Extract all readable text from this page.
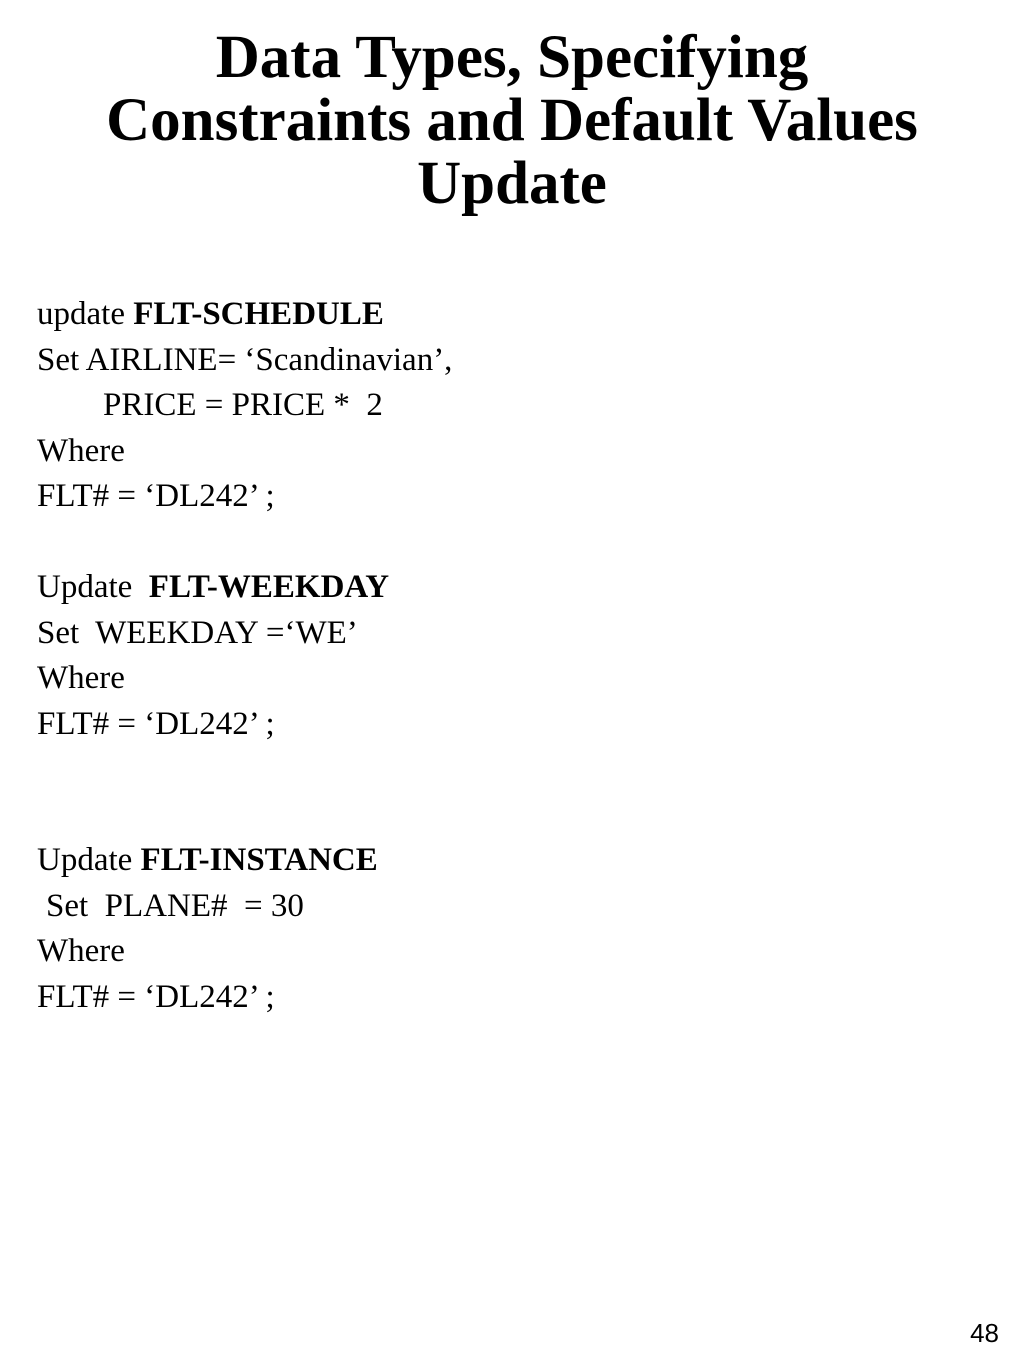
Data Types, Specifying
Constraints and Default Values
Update
update FLT-SCHEDULE
Set AIRLINE= ‘Scandinavian’,
PRICE = PRICE *  2
Where
FLT# = ‘DL242’ ;
Update  FLT-WEEKDAY
Set  WEEKDAY =‘WE’
Where
FLT# = ‘DL242’ ;
Update FLT-INSTANCE
Set  PLANE#  = 30
Where
FLT# = ‘DL242’ ;
48
